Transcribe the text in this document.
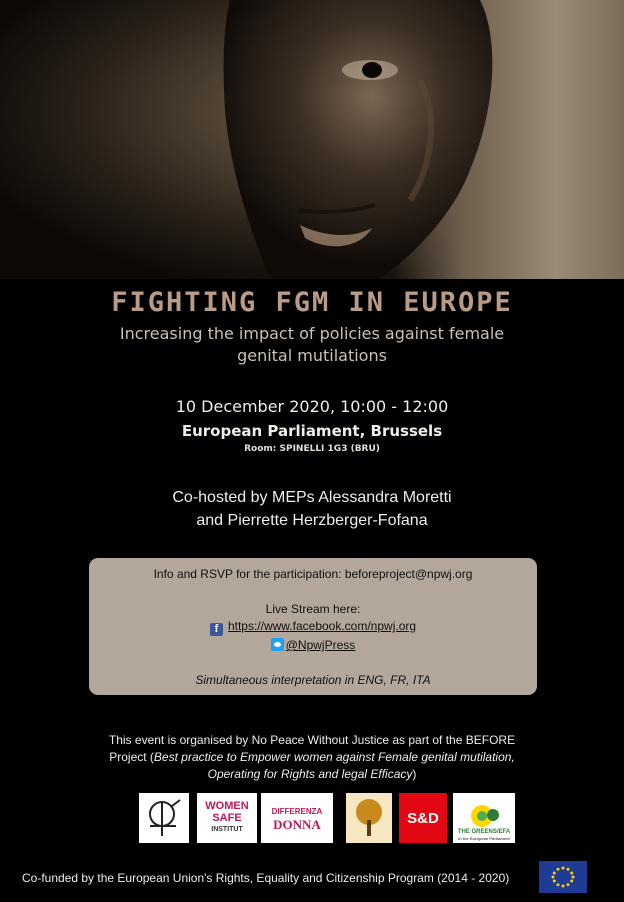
FIGHTING FGM IN EUROPE
Increasing the impact of policies against female genital mutilations
10 December 2020, 10:00 - 12:00
European Parliament, Brussels
Room: SPINELLI 1G3 (BRU)
Co-hosted by MEPs Alessandra Moretti
and Pierrette Herzberger-Fofana
Info and RSVP for the participation: beforeproject@npwj.org
Live Stream here:
f https://www.facebook.com/npwj.org
@NpwjPress
Simultaneous interpretation in ENG, FR, ITA
This event is organised by No Peace Without Justice as part of the BEFORE Project (Best practice to Empower women against Female genital mutilation, Operating for Rights and legal Efficacy)
WOMEN
SAFE
INSTITUT
DIFFERENZA
DONNA	S&D
THE GREENS/EFA
in the European Parliament
Co-funded by the European Union's Rights, Equality and Citizenship Program (2014 - 2020)
